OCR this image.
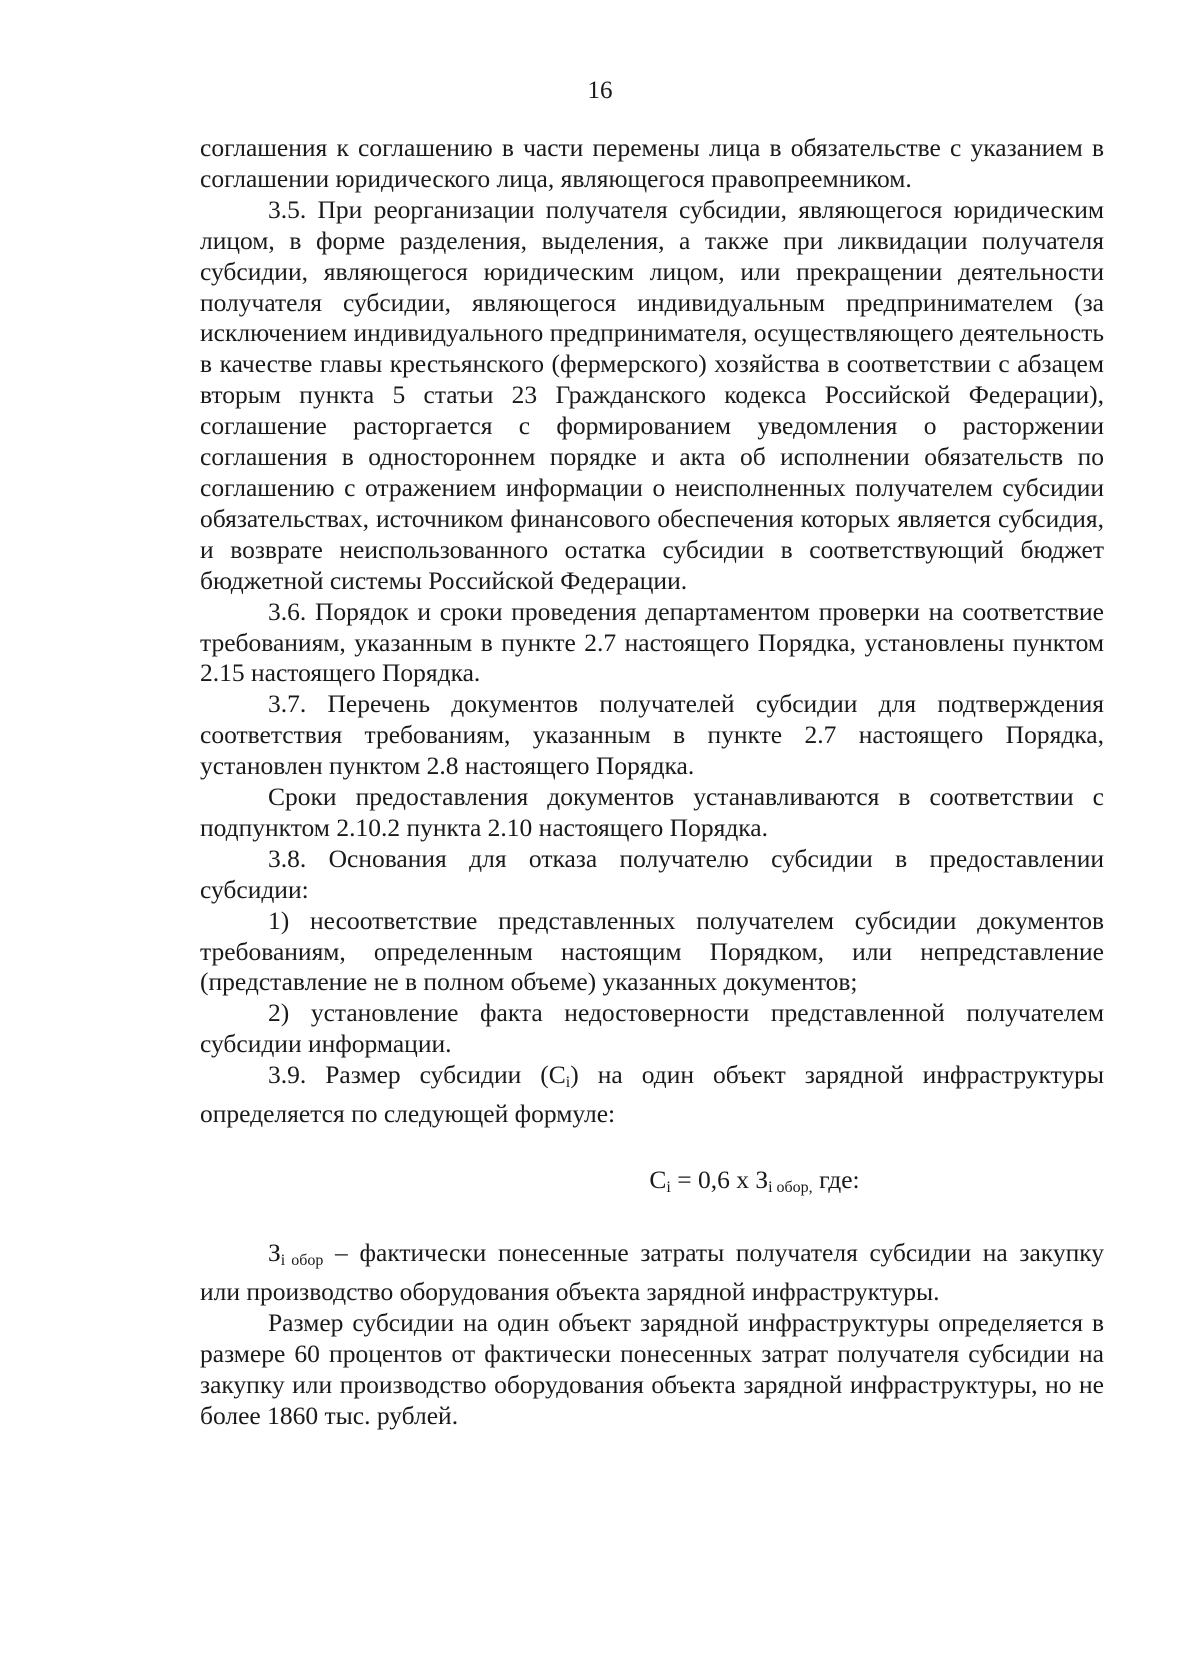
16

соглашения к соглашению в части перемены лица в обязательстве с указанием в соглашении юридического лица, являющегося правопреемником.

3.5. При реорганизации получателя субсидии, являющегося юридическим лицом, в форме разделения, выделения, а также при ликвидации получателя субсидии, являющегося юридическим лицом, или прекращении деятельности получателя субсидии, являющегося индивидуальным предпринимателем (за исключением индивидуального предпринимателя, осуществляющего деятельность в качестве главы крестьянского (фермерского) хозяйства в соответствии с абзацем вторым пункта 5 статьи 23 Гражданского кодекса Российской Федерации), соглашение расторгается с формированием уведомления о расторжении соглашения в одностороннем порядке и акта об исполнении обязательств по соглашению с отражением информации о неисполненных получателем субсидии обязательствах, источником финансового обеспечения которых является субсидия, и возврате неиспользованного остатка субсидии в соответствующий бюджет бюджетной системы Российской Федерации.

3.6. Порядок и сроки проведения департаментом проверки на соответствие требованиям, указанным в пункте 2.7 настоящего Порядка, установлены пунктом 2.15 настоящего Порядка.

3.7. Перечень документов получателей субсидии для подтверждения соответствия требованиям, указанным в пункте 2.7 настоящего Порядка, установлен пунктом 2.8 настоящего Порядка.

Сроки предоставления документов устанавливаются в соответствии с подпунктом 2.10.2 пункта 2.10 настоящего Порядка.

3.8. Основания для отказа получателю субсидии в предоставлении субсидии:

1) несоответствие представленных получателем субсидии документов требованиям, определенным настоящим Порядком, или непредставление (представление не в полном объеме) указанных документов;

2) установление факта недостоверности представленной получателем субсидии информации.

3.9. Размер субсидии $(C_i)$ на один объект зарядной инфраструктуры определяется по следующей формуле:

$C_i = 0,6$ х $З_{i обор,}$ где:

$З_i$ обор – фактически понесенные затраты получателя субсидии на закупку или производство оборудования объекта зарядной инфраструктуры.

Размер субсидии на один объект зарядной инфраструктуры определяется в размере 60 процентов от фактически понесенных затрат получателя субсидии на закупку или производство оборудования объекта зарядной инфраструктуры, но не более 1860 тыс. рублей.
